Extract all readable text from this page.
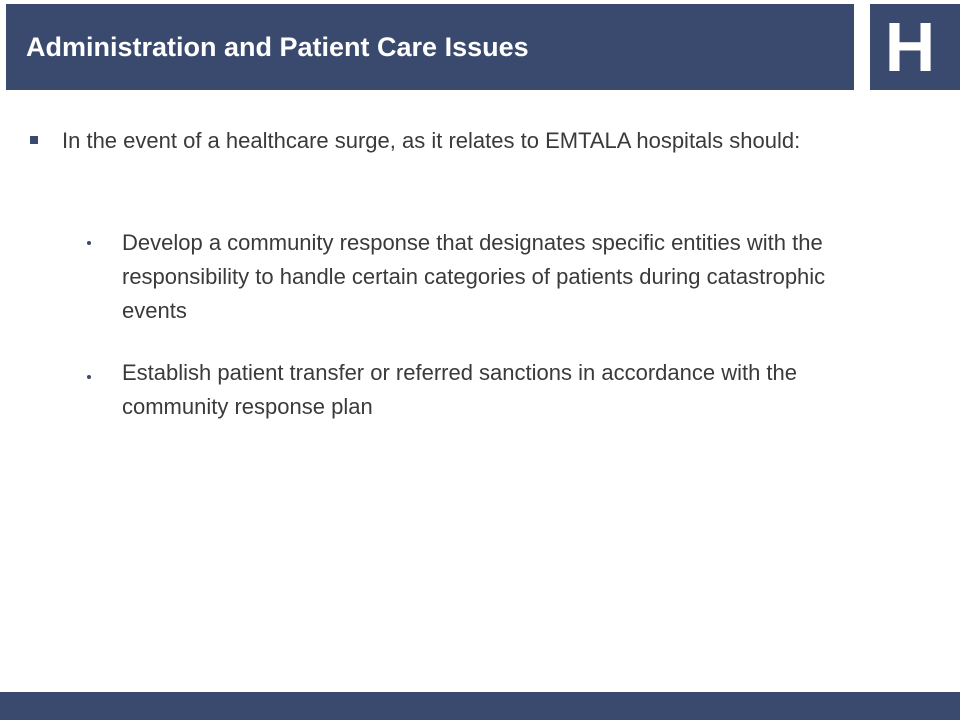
Administration and Patient Care Issues	H
In the event of a healthcare surge, as it relates to EMTALA hospitals should:
Develop a community response that designates specific entities with the responsibility to handle certain categories of patients during catastrophic events
Establish patient transfer or referred sanctions in accordance with the community response plan
